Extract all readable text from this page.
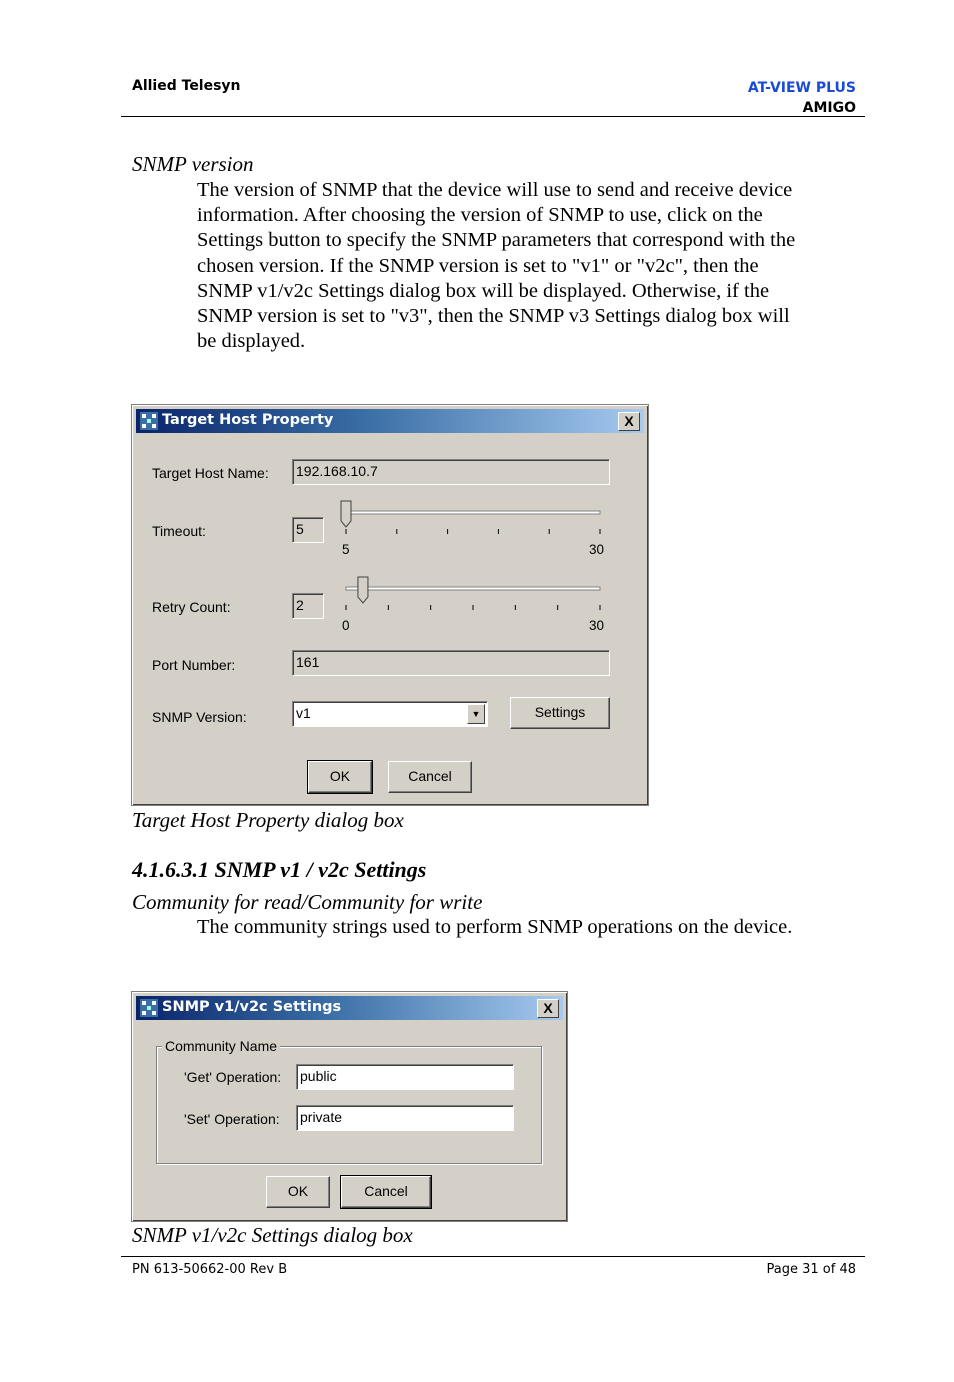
Allied Telesyn	AT-VIEW PLUS
AMIGO
SNMP version
The version of SNMP that the device will use to send and receive device
information. After choosing the version of SNMP to use, click on the
Settings button to specify the SNMP parameters that correspond with the
chosen version. If the SNMP version is set to "v1" or "v2c", then the
SNMP v1/v2c Settings dialog box will be displayed. Otherwise, if the
SNMP version is set to "v3", then the SNMP v3 Settings dialog box will
be displayed.
Target Host Property	X
Target Host Name: 192.168.10.7
Timeout:	5
5	30
Retry Count:	2
0	30
Port Number:	161
SNMP Version:	v1	▼	Settings
OK	Cancel
Target Host Property dialog box
4.1.6.3.1 SNMP v1 / v2c Settings
Community for read/Community for write
The community strings used to perform SNMP operations on the device.
SNMP v1/v2c Settings	X
Community Name
'Get' Operation: public
'Set' Operation: private
OK	Cancel
SNMP v1/v2c Settings dialog box
PN 613-50662-00 Rev B	Page 31 of 48
